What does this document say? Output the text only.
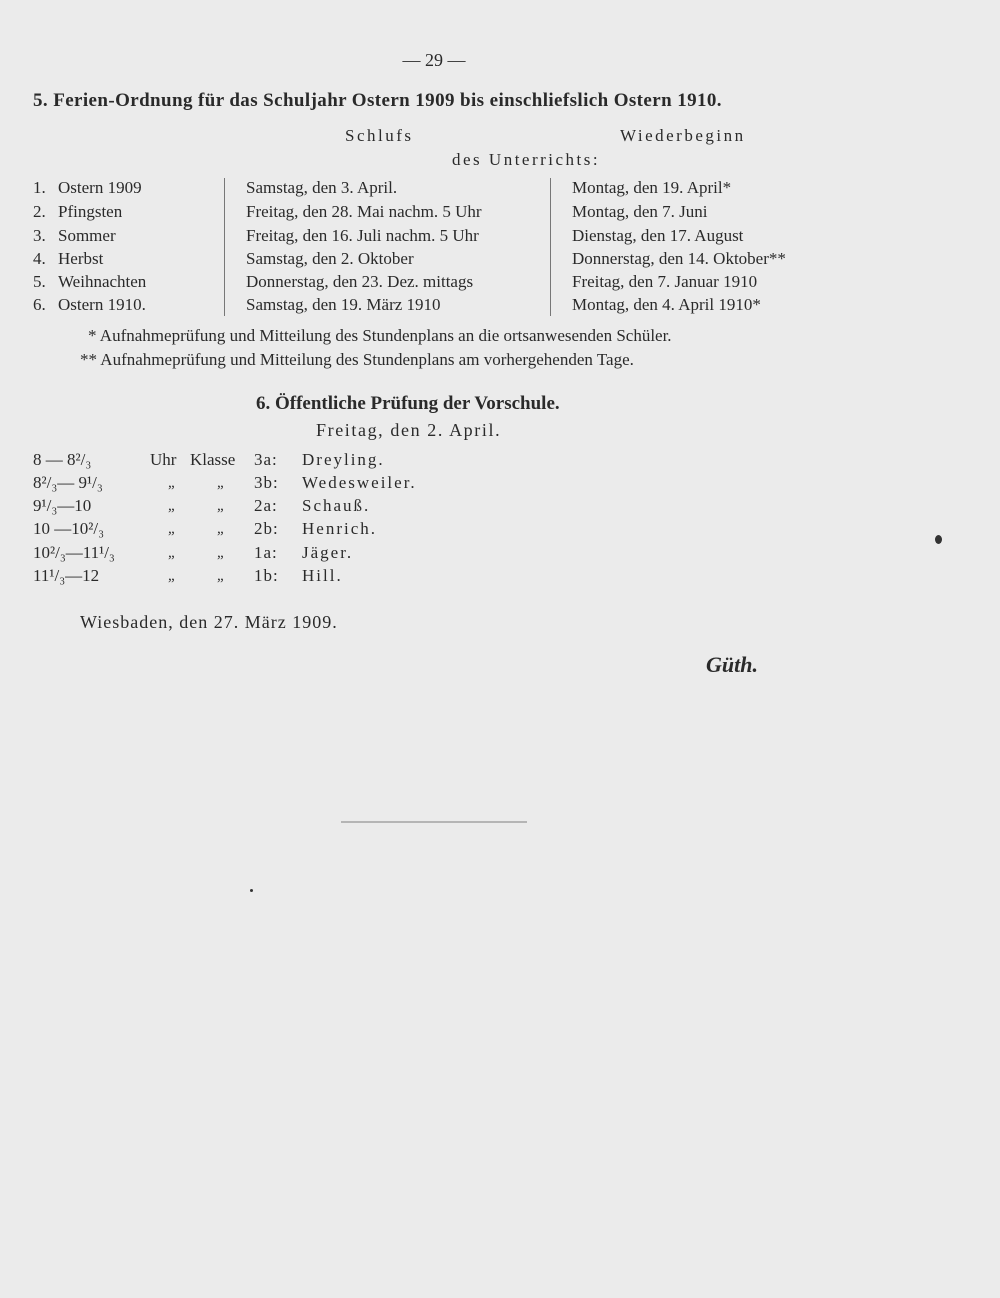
— 29 —
5. Ferien-Ordnung für das Schuljahr Ostern 1909 bis einschliefslich Ostern 1910.
Schlufs	Wiederbeginn
des Unterrichts:
1. Ostern 1909	Samstag, den 3. April.	Montag, den 19. April*
2. Pfingsten	Freitag, den 28. Mai nachm. 5 Uhr	Montag, den 7. Juni
3. Sommer	Freitag, den 16. Juli nachm. 5 Uhr	Dienstag, den 17. August
4. Herbst	Samstag, den 2. Oktober	Donnerstag, den 14. Oktober**
5. Weihnachten	Donnerstag, den 23. Dez. mittags	Freitag, den 7. Januar 1910
6. Ostern 1910.	Samstag, den 19. März 1910	Montag, den 4. April 1910*
* Aufnahmeprüfung und Mitteilung des Stundenplans an die ortsanwesenden Schüler.
** Aufnahmeprüfung und Mitteilung des Stundenplans am vorhergehenden Tage.
6. Öffentliche Prüfung der Vorschule.
Freitag, den 2. April.
8 — 8²/₃	Uhr Klasse 3a: Dreyling.
8²/₃— 9¹/₃	„	„ 3b: Wedesweiler.
9¹/₃—10	„	„ 2a: Schauß.
10 —10²/₃	„	„ 2b: Henrich.
10²/₃—11¹/₃	„	„ 1a: Jäger.
11¹/₃—12	„	„ 1b: Hill.
Wiesbaden, den 27. März 1909.
Güth.
